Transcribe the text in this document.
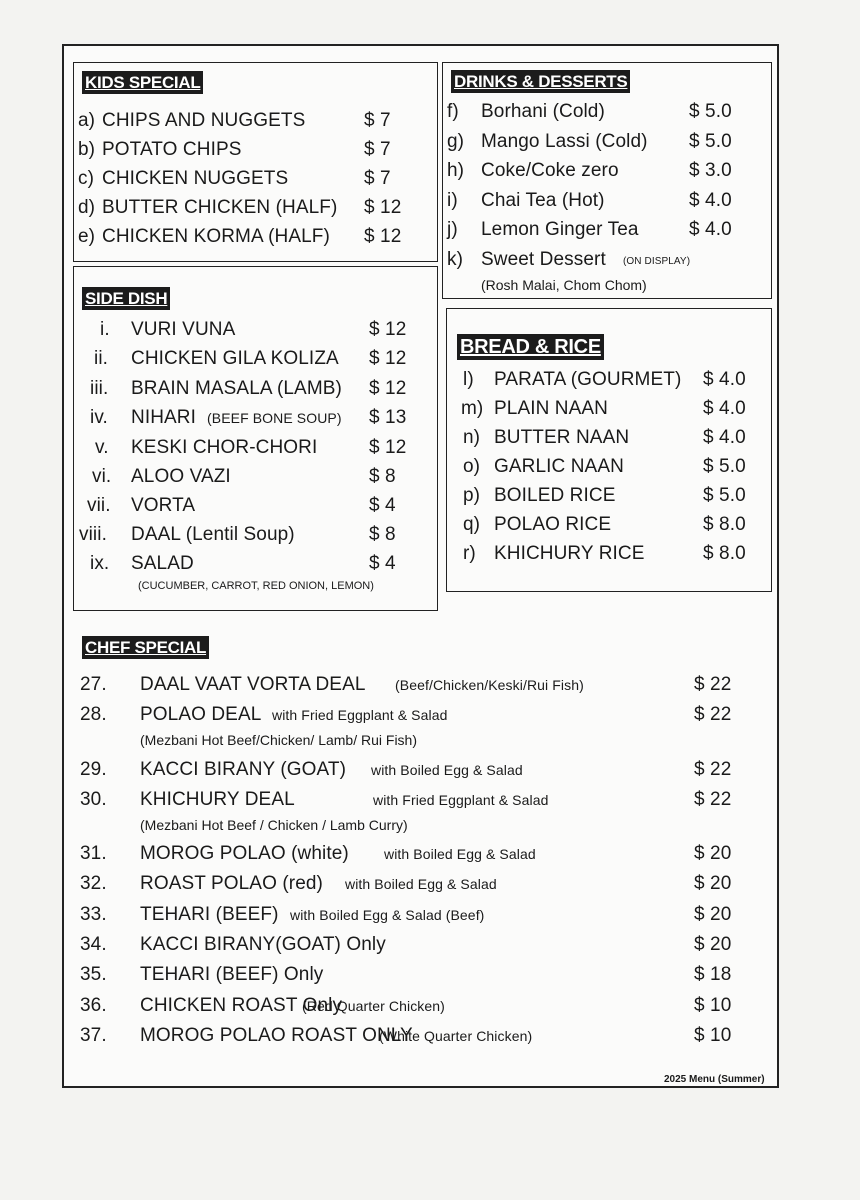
KIDS SPECIAL
a) CHIPS AND NUGGETS	$ 7
b) POTATO CHIPS	$ 7
c) CHICKEN NUGGETS	$ 7
d) BUTTER CHICKEN (HALF) $ 12
e) CHICKEN KORMA (HALF) $ 12
DRINKS & DESSERTS
f) Borhani (Cold)	$ 5.0
g) Mango Lassi (Cold) $ 5.0
h) Coke/Coke zero	$ 3.0
i) Chai Tea (Hot)	$ 4.0
j) Lemon Ginger Tea	$ 4.0
k) Sweet Dessert (ON DISPLAY)
(Rosh Malai, Chom Chom)
SIDE DISH
i. VURI VUNA	$ 12
ii. CHICKEN GILA KOLIZA $ 12
iii. BRAIN MASALA (LAMB) $ 12
iv. NIHARI (BEEF BONE SOUP) $ 13
v. KESKI CHOR-CHORI	$ 12
vi. ALOO VAZI	$ 8
vii. VORTA	$ 4
viii. DAAL (Lentil Soup)	$ 8
ix. SALAD	$ 4
(CUCUMBER, CARROT, RED ONION, LEMON)
BREAD & RICE
l) PARATA (GOURMET) $ 4.0
m) PLAIN NAAN	$ 4.0
n) BUTTER NAAN	$ 4.0
o) GARLIC NAAN	$ 5.0
p) BOILED RICE	$ 5.0
q) POLAO RICE	$ 8.0
r) KHICHURY RICE	$ 8.0
CHEF SPECIAL
27. DAAL VAAT VORTA DEAL (Beef/Chicken/Keski/Rui Fish)	$ 22
28. POLAO DEAL with Fried Eggplant & Salad	$ 22
(Mezbani Hot Beef/Chicken/ Lamb/ Rui Fish)
29. KACCI BIRANY (GOAT) with Boiled Egg & Salad	$ 22
30. KHICHURY DEAL	with Fried Eggplant & Salad	$ 22
(Mezbani Hot Beef / Chicken / Lamb Curry)
31. MOROG POLAO (white)	with Boiled Egg & Salad	$ 20
32. ROAST POLAO (red) with Boiled Egg & Salad	$ 20
33. TEHARI (BEEF) with Boiled Egg & Salad (Beef)	$ 20
34. KACCI BIRANY(GOAT) Only	$ 20
35. TEHARI (BEEF) Only	$ 18
36. CHICKEN ROAST Only
(Red Quarter Chicken)	$ 10
37. MOROG POLAO ROAST ONLY
(White Quarter Chicken)	$ 10
2025 Menu (Summer)
